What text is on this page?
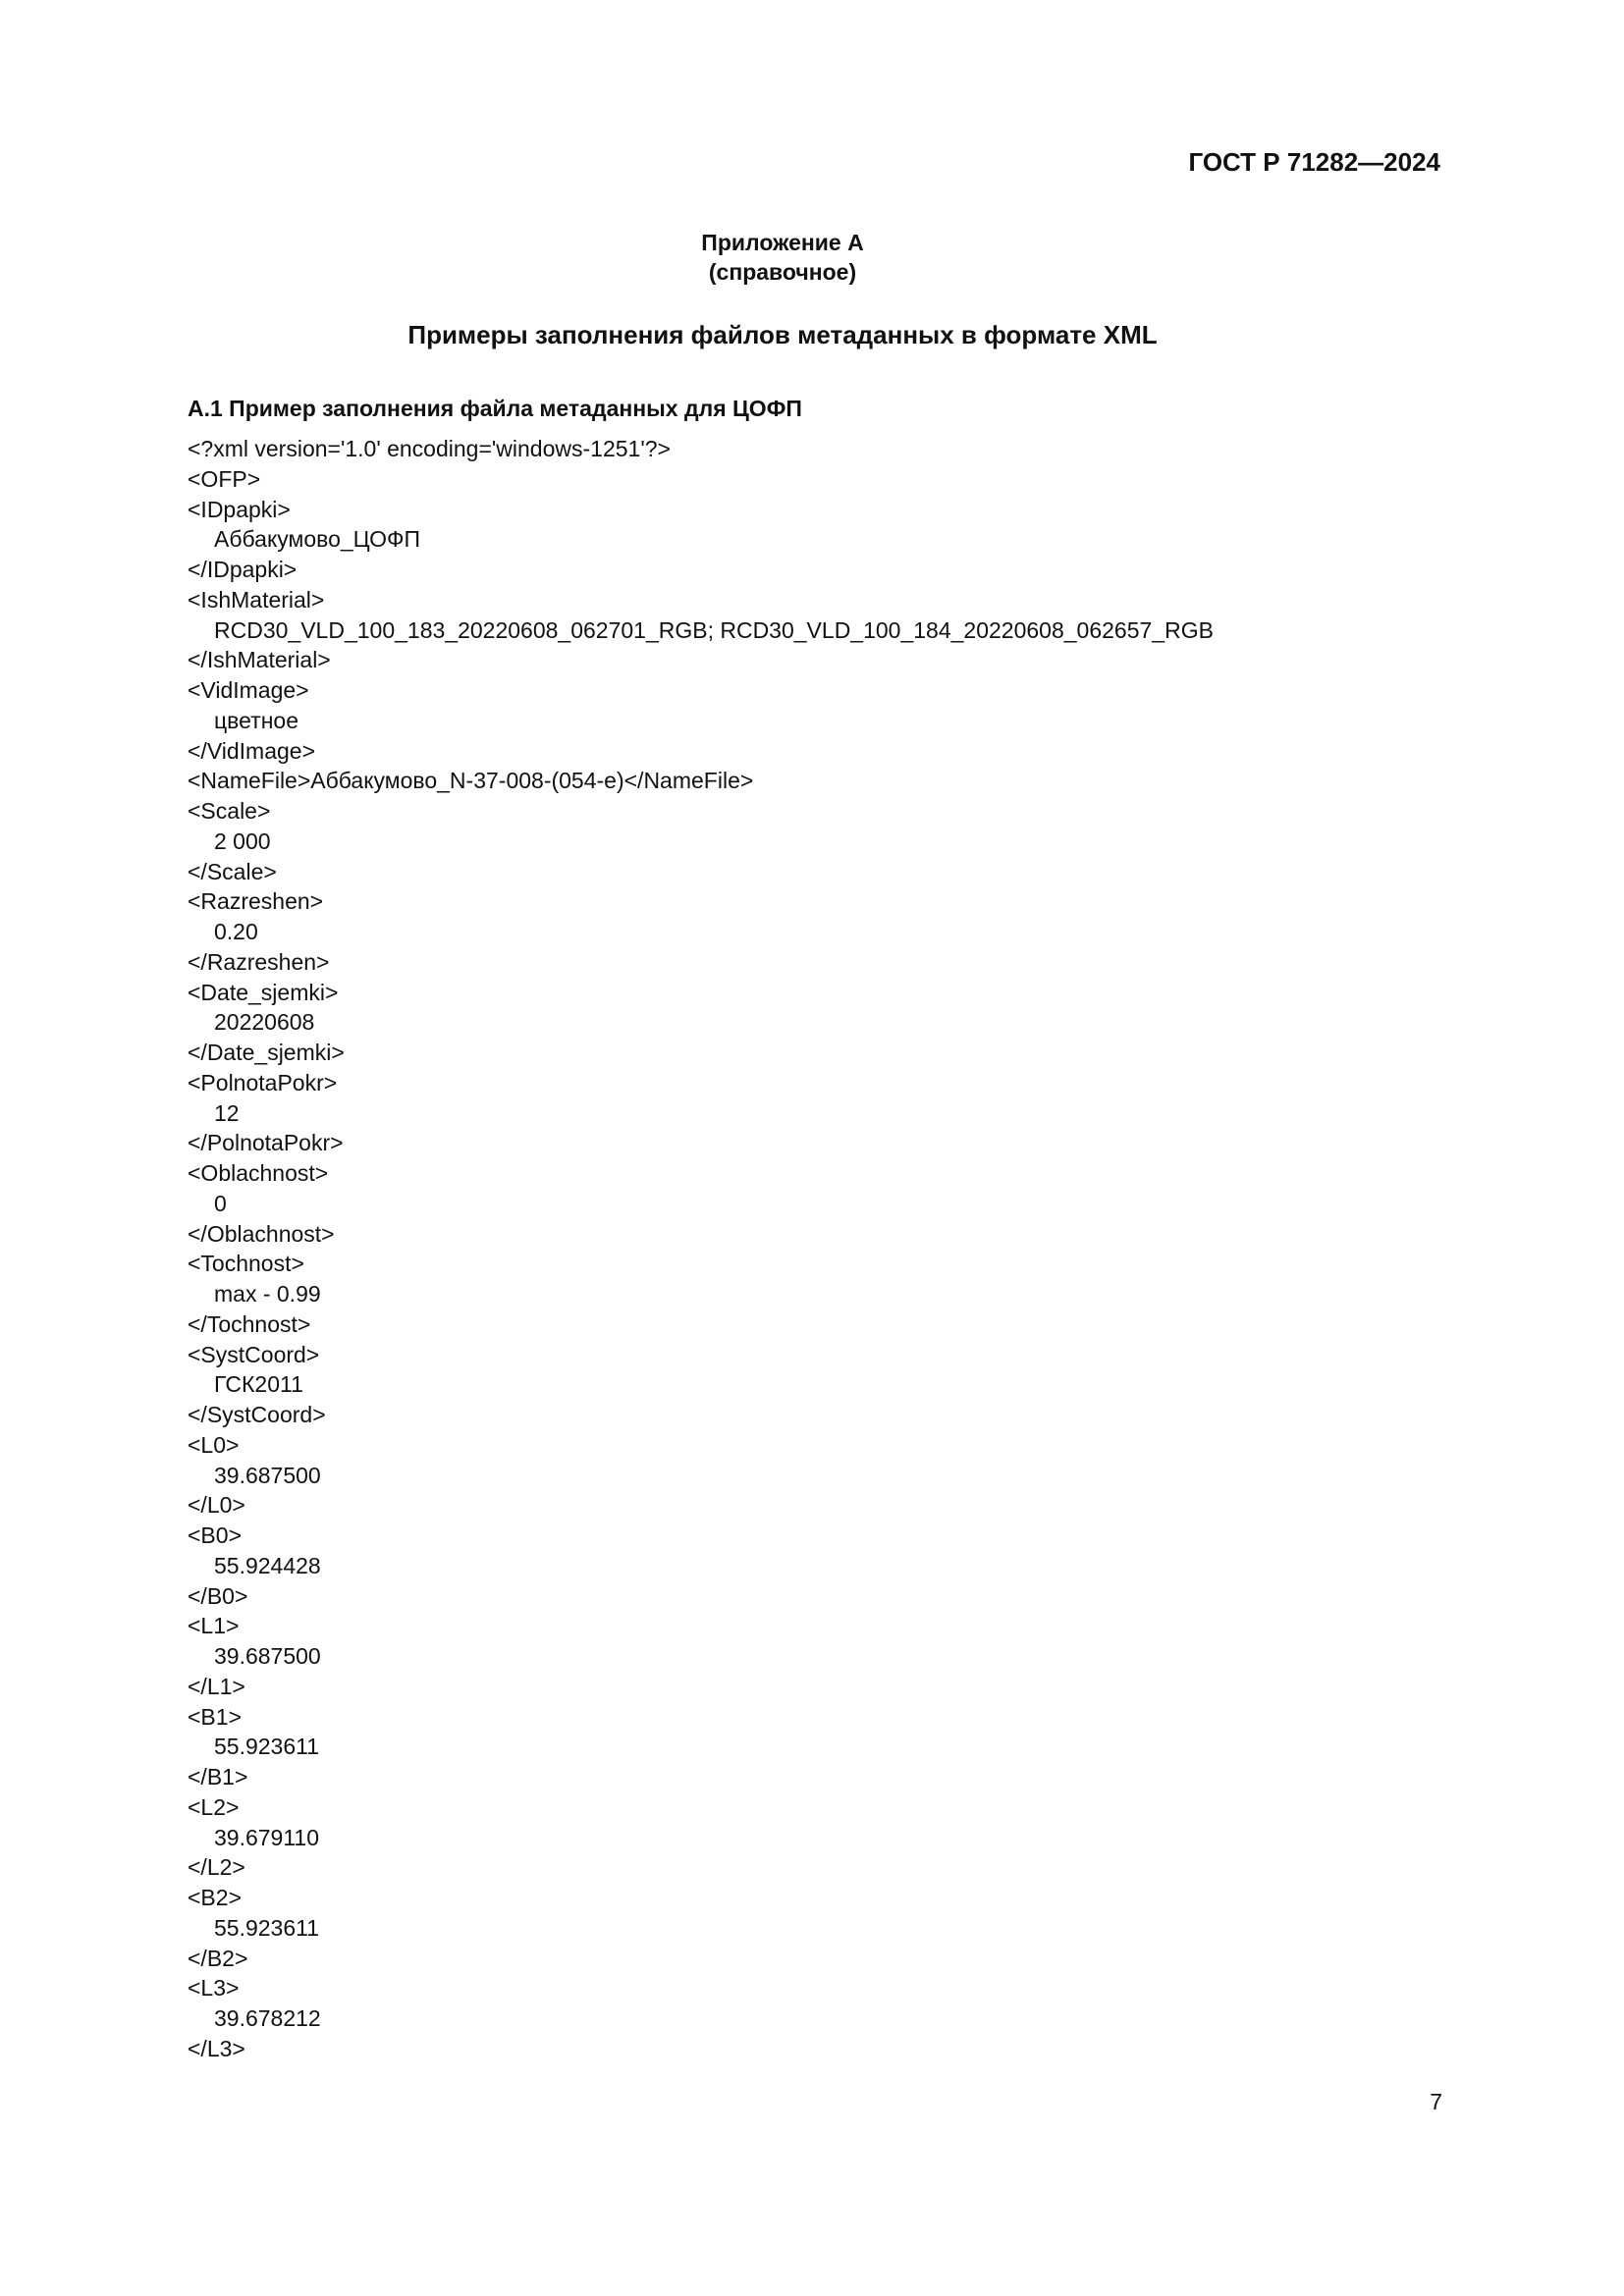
ГОСТ Р 71282—2024

Приложение А
(справочное)
Примеры заполнения файлов метаданных в формате XML
А.1 Пример заполнения файла метаданных для ЦОФП
<?xml version='1.0' encoding='windows-1251'?>
<OFP>
<IDpapki>
Аббакумово_ЦОФП
</IDpapki>
<IshMaterial>
RCD30_VLD_100_183_20220608_062701_RGB; RCD30_VLD_100_184_20220608_062657_RGB
</IshMaterial>
<VidImage>
цветное
</VidImage>
<NameFile>Аббакумово_N-37-008-(054-е)</NameFile>
<Scale>
2 000
</Scale>
<Razreshen>
0.20
</Razreshen>
<Date_sjemki>
20220608
</Date_sjemki>
<PolnotaPokr>
12
</PolnotaPokr>
<Oblachnost>
0
</Oblachnost>
<Tochnost>
max - 0.99
</Tochnost>
<SystCoord>
ГСК2011
</SystCoord>
<L0>
39.687500
</L0>
<B0>
55.924428
</B0>
<L1>
39.687500
</L1>
<B1>
55.923611
</B1>
<L2>
39.679110
</L2>
<B2>
55.923611
</B2>
<L3>
39.678212
</L3>

7
